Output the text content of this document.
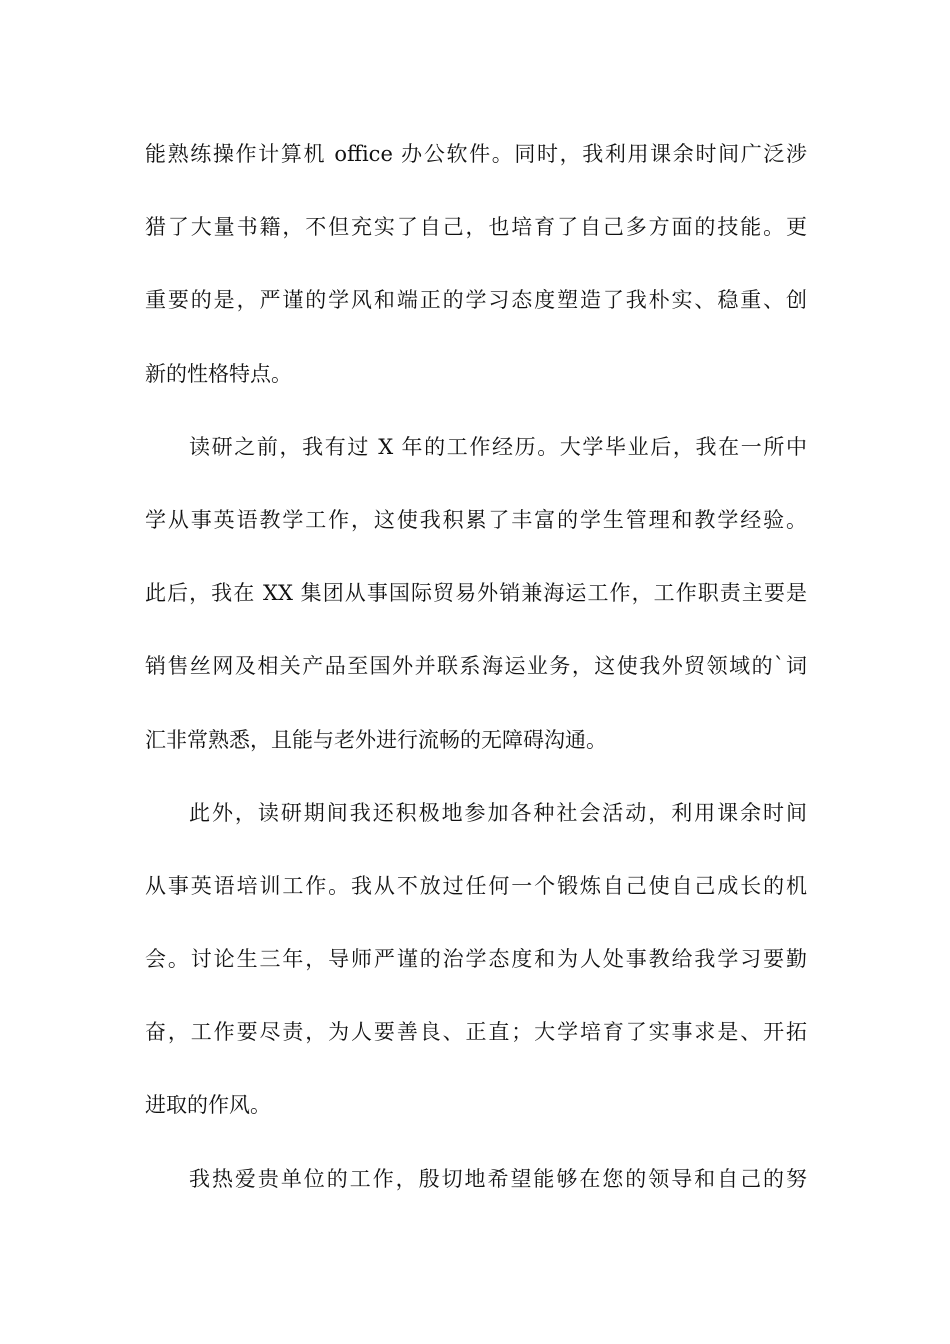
能熟练操作计算机 office 办公软件。同时，我利用课余时间广泛涉
猎了大量书籍，不但充实了自己，也培育了自己多方面的技能。更
重要的是，严谨的学风和端正的学习态度塑造了我朴实、稳重、创
新的性格特点。
读研之前，我有过 X 年的工作经历。大学毕业后，我在一所中
学从事英语教学工作，这使我积累了丰富的学生管理和教学经验。
此后，我在 XX 集团从事国际贸易外销兼海运工作，工作职责主要是
销售丝网及相关产品至国外并联系海运业务，这使我外贸领域的`词
汇非常熟悉，且能与老外进行流畅的无障碍沟通。
此外，读研期间我还积极地参加各种社会活动，利用课余时间
从事英语培训工作。我从不放过任何一个锻炼自己使自己成长的机
会。讨论生三年，导师严谨的治学态度和为人处事教给我学习要勤
奋，工作要尽责，为人要善良、正直；大学培育了实事求是、开拓
进取的作风。
我热爱贵单位的工作，殷切地希望能够在您的领导和自己的努
